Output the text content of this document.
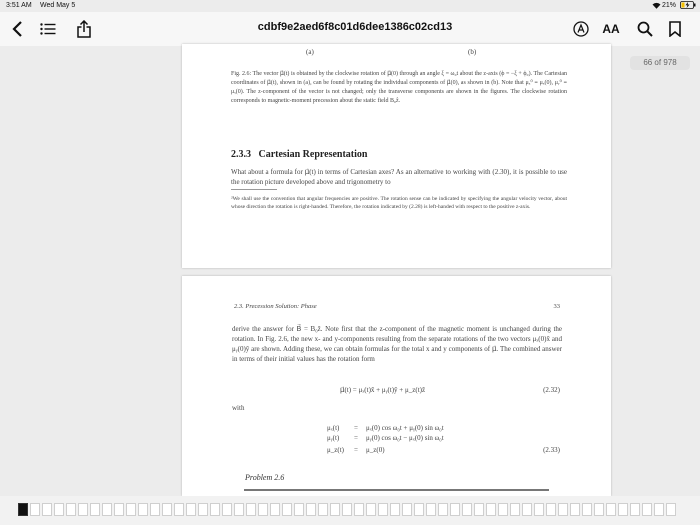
3:51 AM Wed May 5	21%
AA
cdbf9e2aed6f8c01d6dee1386c02cd13
66 of 978
(a)	(b)
Fig. 2.6: The vector μ⃗(t) is obtained by the clockwise rotation of μ⃗(0) through an angle ξ = ω₀t about the z-axis (ϕ = −ξ + ϕ₀). The Cartesian coordinates of μ⃗(t), shown in (a), can be found by rotating the individual components of μ⃗(0), as shown in (b). Note that μₓ⁰ ≡ μₓ(0), μᵧ⁰ ≡ μᵧ(0). The z-component of the vector is not changed; only the transverse components are shown in the figures. The clockwise rotation corresponds to magnetic-moment precession about the static field B₀ẑ.
2.3.3 Cartesian Representation
What about a formula for μ⃗(t) in terms of Cartesian axes? As an alternative to working with (2.30), it is possible to use the rotation picture developed above and trigonometry to
²We shall use the convention that angular frequencies are positive. The rotation sense can be indicated by specifying the angular velocity vector, about whose direction the rotation is right-handed. Therefore, the rotation indicated by (2.28) is left-handed with respect to the positive z-axis.
2.3. Precession Solution: Phase	33
derive the answer for B⃗ = B₀ẑ. Note first that the z-component of the magnetic moment is unchanged during the rotation. In Fig. 2.6, the new x- and y-components resulting from the separate rotations of the two vectors μₓ(0)x̂ and μᵧ(0)ŷ are shown. Adding these, we can obtain formulas for the total x and y components of μ⃗. The combined answer in terms of their initial values has the rotation form
μ⃗(t) = μₓ(t)x̂ + μᵧ(t)ŷ + μ_z(t)ẑ	(2.32)
with
μₓ(t) = μₓ(0) cos ω₀t + μᵧ(0) sin ω₀t
μᵧ(t) = μᵧ(0) cos ω₀t − μₓ(0) sin ω₀t
μ_z(t) = μ_z(0)	(2.33)
Problem 2.6
